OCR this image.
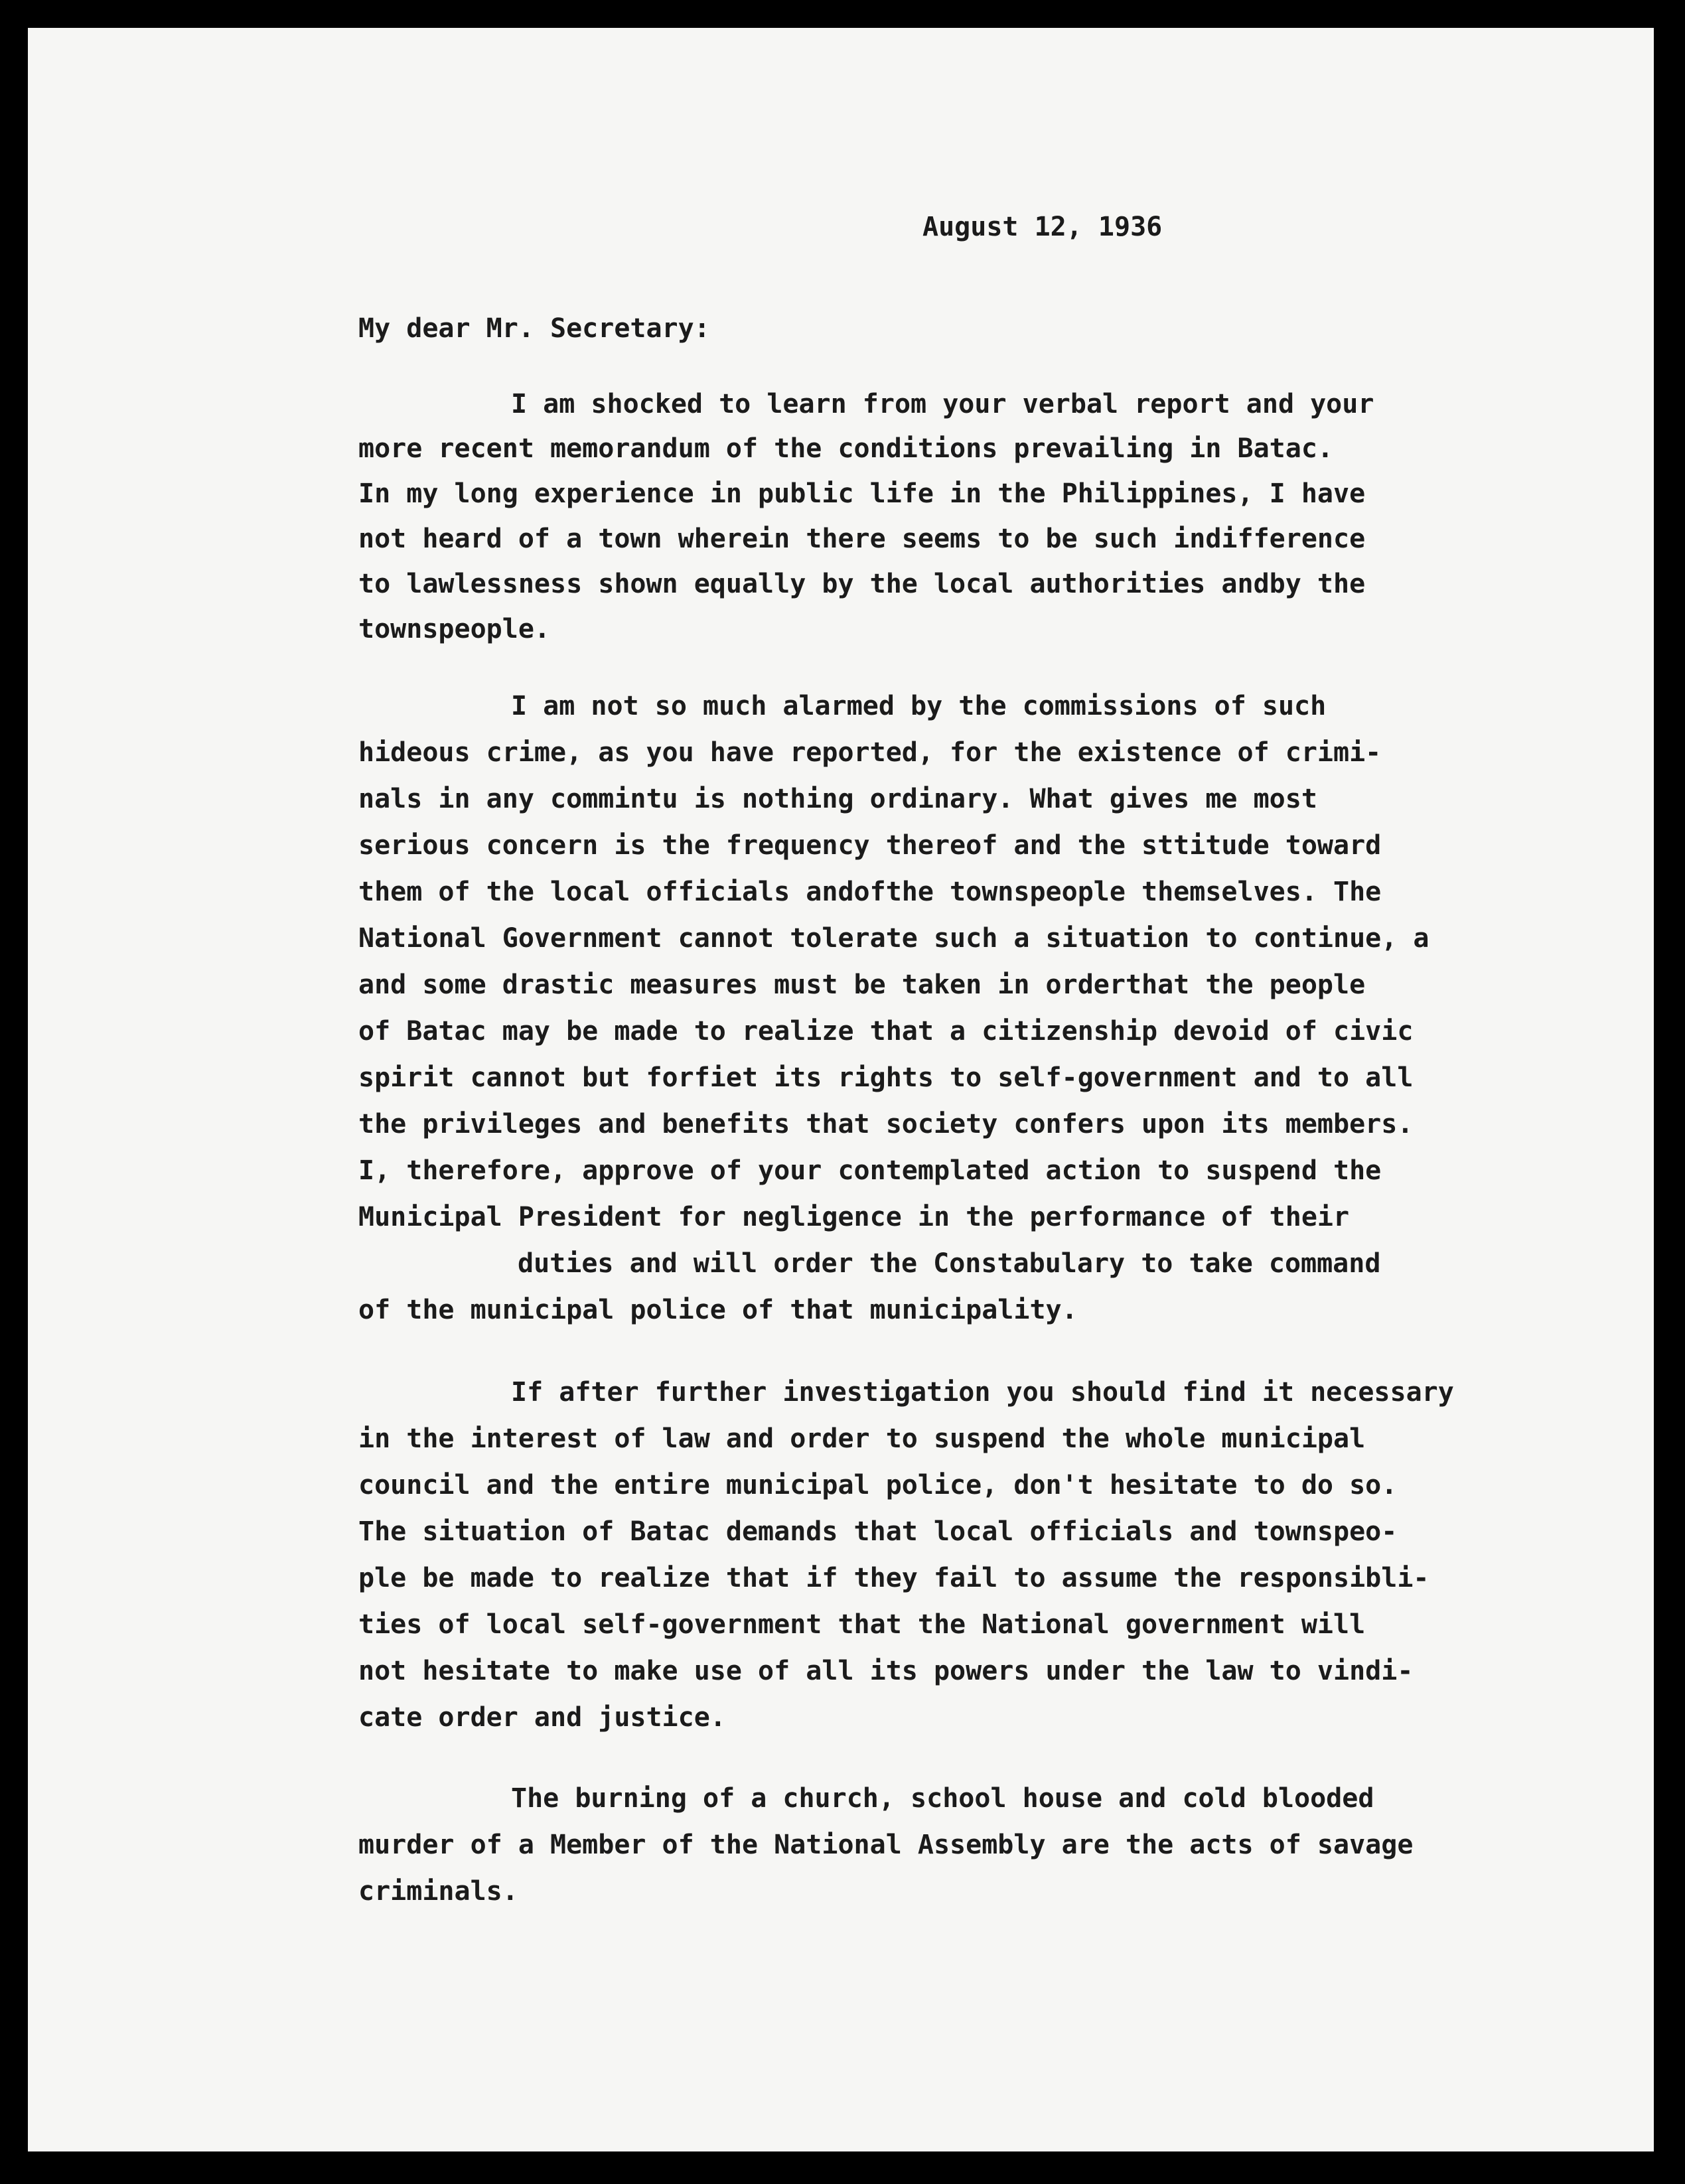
August 12, 1936
My dear Mr. Secretary:
I am shocked to learn from your verbal report and your
more recent memorandum of the conditions prevailing in Batac.
In my long experience in public life in the Philippines, I have
not heard of a town wherein there seems to be such indifference
to lawlessness shown equally by the local authorities andby the
townspeople.
I am not so much alarmed by the commissions of such
hideous crime, as you have reported, for the existence of crimi-
nals in any commintu is nothing ordinary. What gives me most
serious concern is the frequency thereof and the sttitude toward
them of the local officials andofthe townspeople themselves. The
National Government cannot tolerate such a situation to continue, a
and some drastic measures must be taken in orderthat the people
of Batac may be made to realize that a citizenship devoid of civic
spirit cannot but forfiet its rights to self-government and to all
the privileges and benefits that society confers upon its members.
I, therefore, approve of your contemplated action to suspend the
Municipal President for negligence in the performance of their
duties and will order the Constabulary to take command
of the municipal police of that municipality.
If after further investigation you should find it necessary
in the interest of law and order to suspend the whole municipal
council and the entire municipal police, don't hesitate to do so.
The situation of Batac demands that local officials and townspeo-
ple be made to realize that if they fail to assume the responsibli-
ties of local self-government that the National government will
not hesitate to make use of all its powers under the law to vindi-
cate order and justice.
The burning of a church, school house and cold blooded
murder of a Member of the National Assembly are the acts of savage
criminals.
